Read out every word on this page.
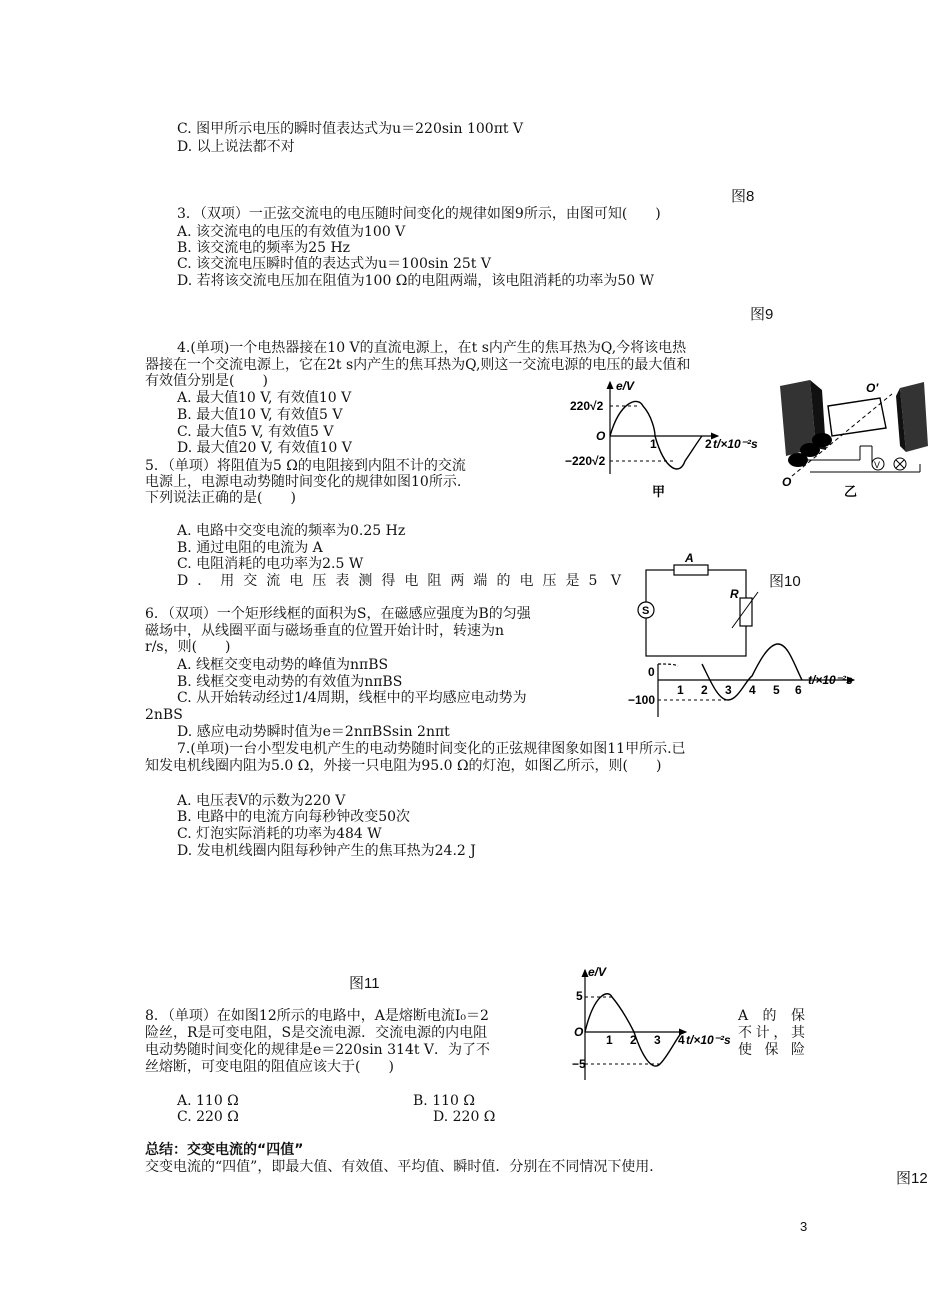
C. 图甲所示电压的瞬时值表达式为u＝220sin 100πt V
D. 以上说法都不对
图8
3．（双项）一正弦交流电的电压随时间变化的规律如图9所示，由图可知(　　)
A. 该交流电的电压的有效值为100 V
B. 该交流电的频率为25 Hz
C. 该交流电压瞬时值的表达式为u＝100sin 25t V
D. 若将该交流电压加在阻值为100 Ω的电阻两端，该电阻消耗的功率为50 W
图9
4.(单项)一个电热器接在10 V的直流电源上，在t s内产生的焦耳热为Q,今将该电热
器接在一个交流电源上，它在2t s内产生的焦耳热为Q,则这一交流电源的电压的最大值和
有效值分别是(　　)
A. 最大值10 V, 有效值10 V
B. 最大值10 V, 有效值5 V
C. 最大值5 V, 有效值5 V
D. 最大值20 V, 有效值10 V
5．（单项）将阻值为5 Ω的电阻接到内阻不计的交流
电源上，电源电动势随时间变化的规律如图10所示.
下列说法正确的是(　　)
A. 电路中交变电流的频率为0.25 Hz
B. 通过电阻的电流为 A
C. 电阻消耗的电功率为2.5 W
D．用交流电压表测得电阻两端的电压是5 V	图10
6．（双项）一个矩形线框的面积为S，在磁感应强度为B的匀强
磁场中，从线圈平面与磁场垂直的位置开始计时，转速为n
r/s，则(　　)
A. 线框交变电动势的峰值为nπBS
B. 线框交变电动势的有效值为nπBS
C. 从开始转动经过1/4周期，线框中的平均感应电动势为
2nBS
D. 感应电动势瞬时值为e＝2nπBSsin 2nπt
7.(单项)一台小型发电机产生的电动势随时间变化的正弦规律图象如图11甲所示.已
知发电机线圈内阻为5.0 Ω，外接一只电阻为95.0 Ω的灯泡，如图乙所示，则(　　)
A. 电压表V的示数为220 V
B. 电路中的电流方向每秒钟改变50次
C. 灯泡实际消耗的功率为484 W
D. 发电机线圈内阻每秒钟产生的焦耳热为24.2 J
图11
8．（单项）在如图12所示的电路中，A是熔断电流I₀＝2	A的保
险丝，R是可变电阻，S是交流电源．交流电源的内电阻	不计，其
电动势随时间变化的规律是e＝220sin 314t V．为了不	使保险
丝熔断，可变电阻的阻值应该大于(　　)
A. 110 Ω	B. 110 Ω
C. 220 Ω	D. 220 Ω
总结：交变电流的“四值”
交变电流的“四值”，即最大值、有效值、平均值、瞬时值．分别在不同情况下使用．
图12
3
e/V
220√2
−220√2
O
1	2 t/×10⁻²s
甲
V
O′
O
乙
A
R
S
0
−100
1 2 3 4 5 6
t/×10⁻²s
e/V
5
−5
O
1 2 3 4 t/×10⁻²s
